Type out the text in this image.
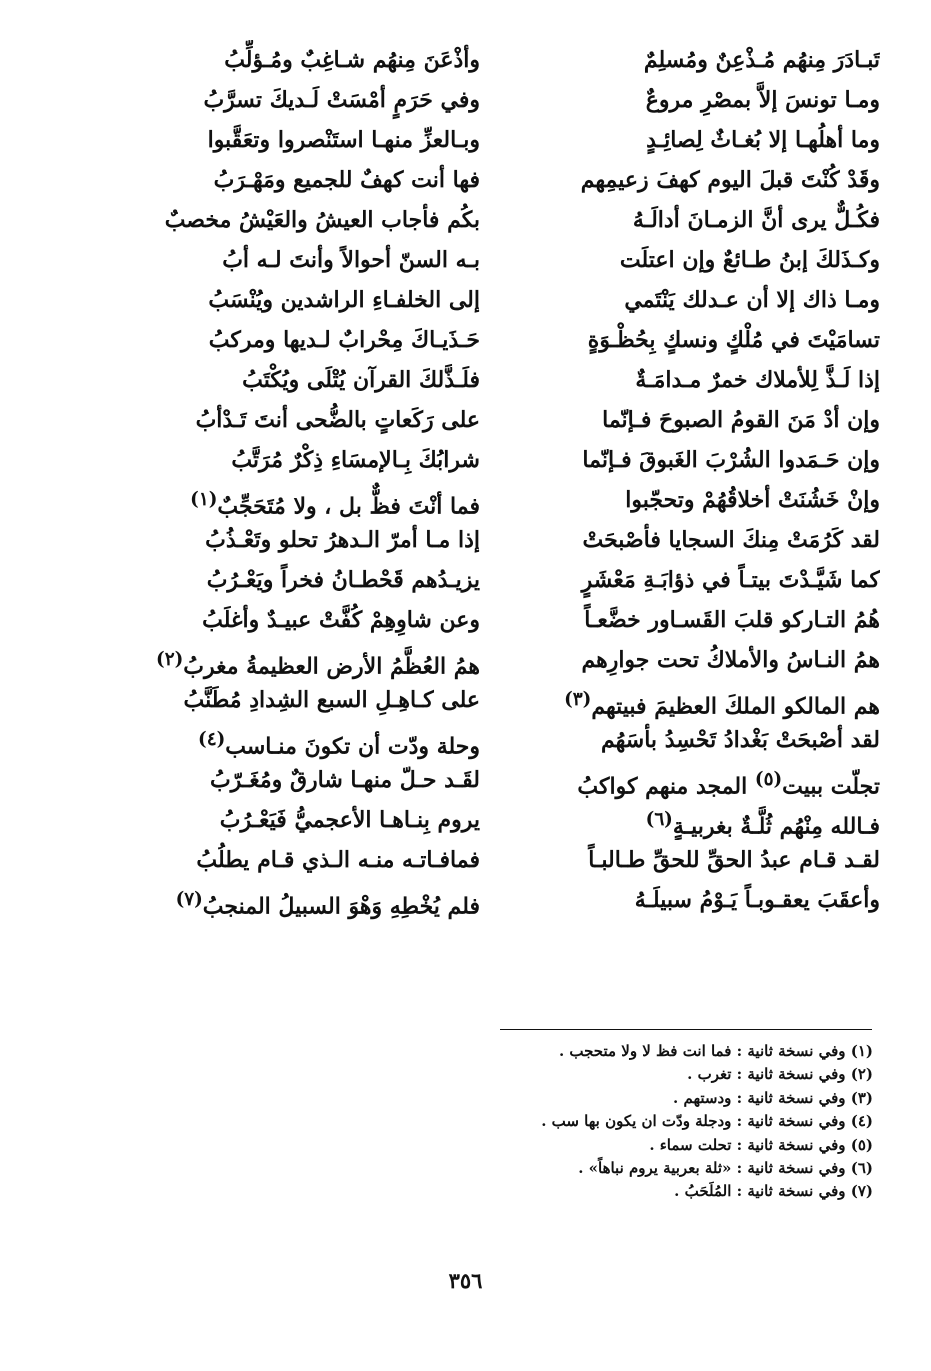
تَبـادَرَ مِنهُم مُـذْعِنٌ ومُسلِمٌ
ومـا تونسَ إلاَّ بمصْرِ مروعٌ
وما أهلُهـا إلا بُغـاثٌ لِصائِـدٍ
وقَدْ كُنْتَ قبلَ اليوم كهفَ زعيمِهم
فكُـلٌّ يرى أنَّ الزمـانَ أدالَـهُ
وكـذَلكَ إبنُ طـائعٌ وإن اعتلَت
ومـا ذاك إلا أن عـدلك يَنْتَمي
تسامَيْتَ في مُلْكٍ ونسكٍ بِحُظْـوَةٍ
إذا لَـذَّ لِلأملاك خمرٌ مـدامَـةٌ
وإن أدْ مَنَ القومُ الصبوحَ فـإنّما
وإن حَـمَدوا الشُرْبَ الغَبوقَ فـإنّما
وإنْ خَشُنَتْ أخلاقُهُمْ وتحجّبوا
لقد كَرُمَتْ مِنكَ السجايا فأصْبحَتْ
كما شَيَّـدْتَ بيتـاً في ذؤابَـةِ مَعْشَرٍ
هُمُ التـاركو قلبَ القَسـاور خضَّعـاً
همُ النـاسُ والأملاكُ تحت جوارِهم
هم المالكو الملكَ العظيمَ فبيتهم$^{(٣)}$
لقد أصْبحَتْ بَغْدادُ تَحْسِدُ بأسَهُم
تجلّت ببيت$^{(٥)}$ المجد منهم كواكبُ
فـالله مِنْهُم ثُلَّـةٌ بغربيـةٍ$^{(٦)}$
لقـد قـام عبدُ الحقِّ للحقِّ طـالبـاً
وأعقَبَ يعقـوبـاً يَـوْمُ سبيلَـهُ
وأذْعَنَ مِنهُم شـاغِبٌ ومُـؤلِّبُ
وفي حَرَمٍ أمْسَتْ لَـديكَ تسرَّبُ
وبـالعزِّ منهـا استَنْصروا وتعَقَّبوا
فها أنت كهفٌ للجميع ومَهْـرَبُ
بكُم فأجاب العيشُ والعَيْشُ مخصبٌ
بـه السنّ أحوالاً وأنتَ لـه أبُ
إلى الخلفـاءِ الراشدين ويُنْسَبُ
حَـذَيـاكَ مِحْرابٌ لـديها ومركبُ
فلَـذَّلكَ القرآن يُتْلَى ويُكْتَبُ
على رَكَعاتٍ بالضُّحى أنتَ تَـدْأبُ
شرابُكَ بِـالإمسَاءِ ذِكْرٌ مُرَتَّبُ
فما أنْتَ فظٌّ بل ، ولا مُتَحَجِّبٌ$^{(١)}$
إذا مـا أمرّ الـدهرُ تحلو وتَعْـذُبُ
يزيـدُهم قَحْطـانُ فخراً ويَعْـرُبُ
وعن شاوِهِمْ كُفَّتْ عبيـدٌ وأغلَبُ
همُ العُظَّمُ الأرضِ العظيمةُ مغربُ$^{(٢)}$
على كـاهِـلِ السبع الشِدادِ مُطَنَّبُ
وحلة ودّت أن تكونَ منـاسب$^{(٤)}$
لقَـد حـلّ منهـا شارقٌ ومُغَـرّبُ
يروم بِنـاهـا الأعجميُّ فَيَعْـرُبُ
فمافـاتـه منـه الـذي قـام يطلُبُ
فلم يُخْطِهِ وَهْوَ السبيلُ المنجبُ$^{(٧)}$
(١) وفي نسخة ثانية : فما انت فظ لا ولا متحجب .
(٢) وفي نسخة ثانية : تغرب .
(٣) وفي نسخة ثانية : ودستهم .
(٤) وفي نسخة ثانية : ودجلة ودّت ان يكون بها سب .
(٥) وفي نسخة ثانية : تحلت سماء .
(٦) وفي نسخة ثانية : «ثلة بعربية يروم نباهاً» .
(٧) وفي نسخة ثانية : المُلَحَبُ .
٣٥٦
